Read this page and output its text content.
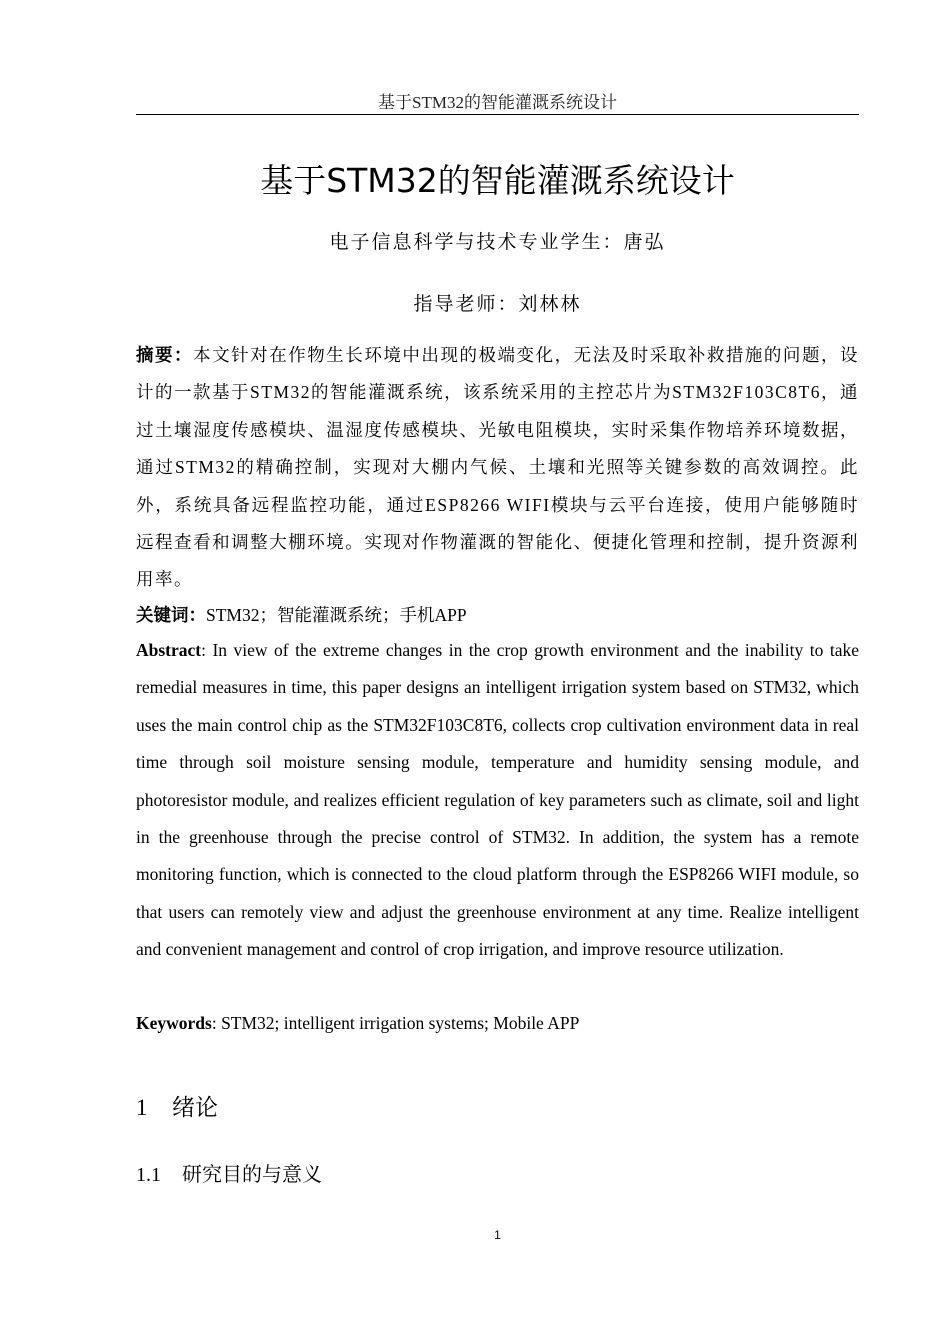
基于STM32的智能灌溉系统设计
基于STM32的智能灌溉系统设计
电子信息科学与技术专业学生：唐弘
指导老师：刘林林
摘要：本文针对在作物生长环境中出现的极端变化，无法及时采取补救措施的问题，设计的一款基于STM32的智能灌溉系统，该系统采用的主控芯片为STM32F103C8T6，通过土壤湿度传感模块、温湿度传感模块、光敏电阻模块，实时采集作物培养环境数据，通过STM32的精确控制，实现对大棚内气候、土壤和光照等关键参数的高效调控。此外，系统具备远程监控功能，通过ESP8266 WIFI模块与云平台连接，使用户能够随时远程查看和调整大棚环境。实现对作物灌溉的智能化、便捷化管理和控制，提升资源利用率。
关键词：STM32；智能灌溉系统；手机APP
Abstract: In view of the extreme changes in the crop growth environment and the inability to take remedial measures in time, this paper designs an intelligent irrigation system based on STM32, which uses the main control chip as the STM32F103C8T6, collects crop cultivation environment data in real time through soil moisture sensing module, temperature and humidity sensing module, and photoresistor module, and realizes efficient regulation of key parameters such as climate, soil and light in the greenhouse through the precise control of STM32. In addition, the system has a remote monitoring function, which is connected to the cloud platform through the ESP8266 WIFI module, so that users can remotely view and adjust the greenhouse environment at any time. Realize intelligent and convenient management and control of crop irrigation, and improve resource utilization.
Keywords: STM32; intelligent irrigation systems; Mobile APP
1 绪论
1.1 研究目的与意义
1
